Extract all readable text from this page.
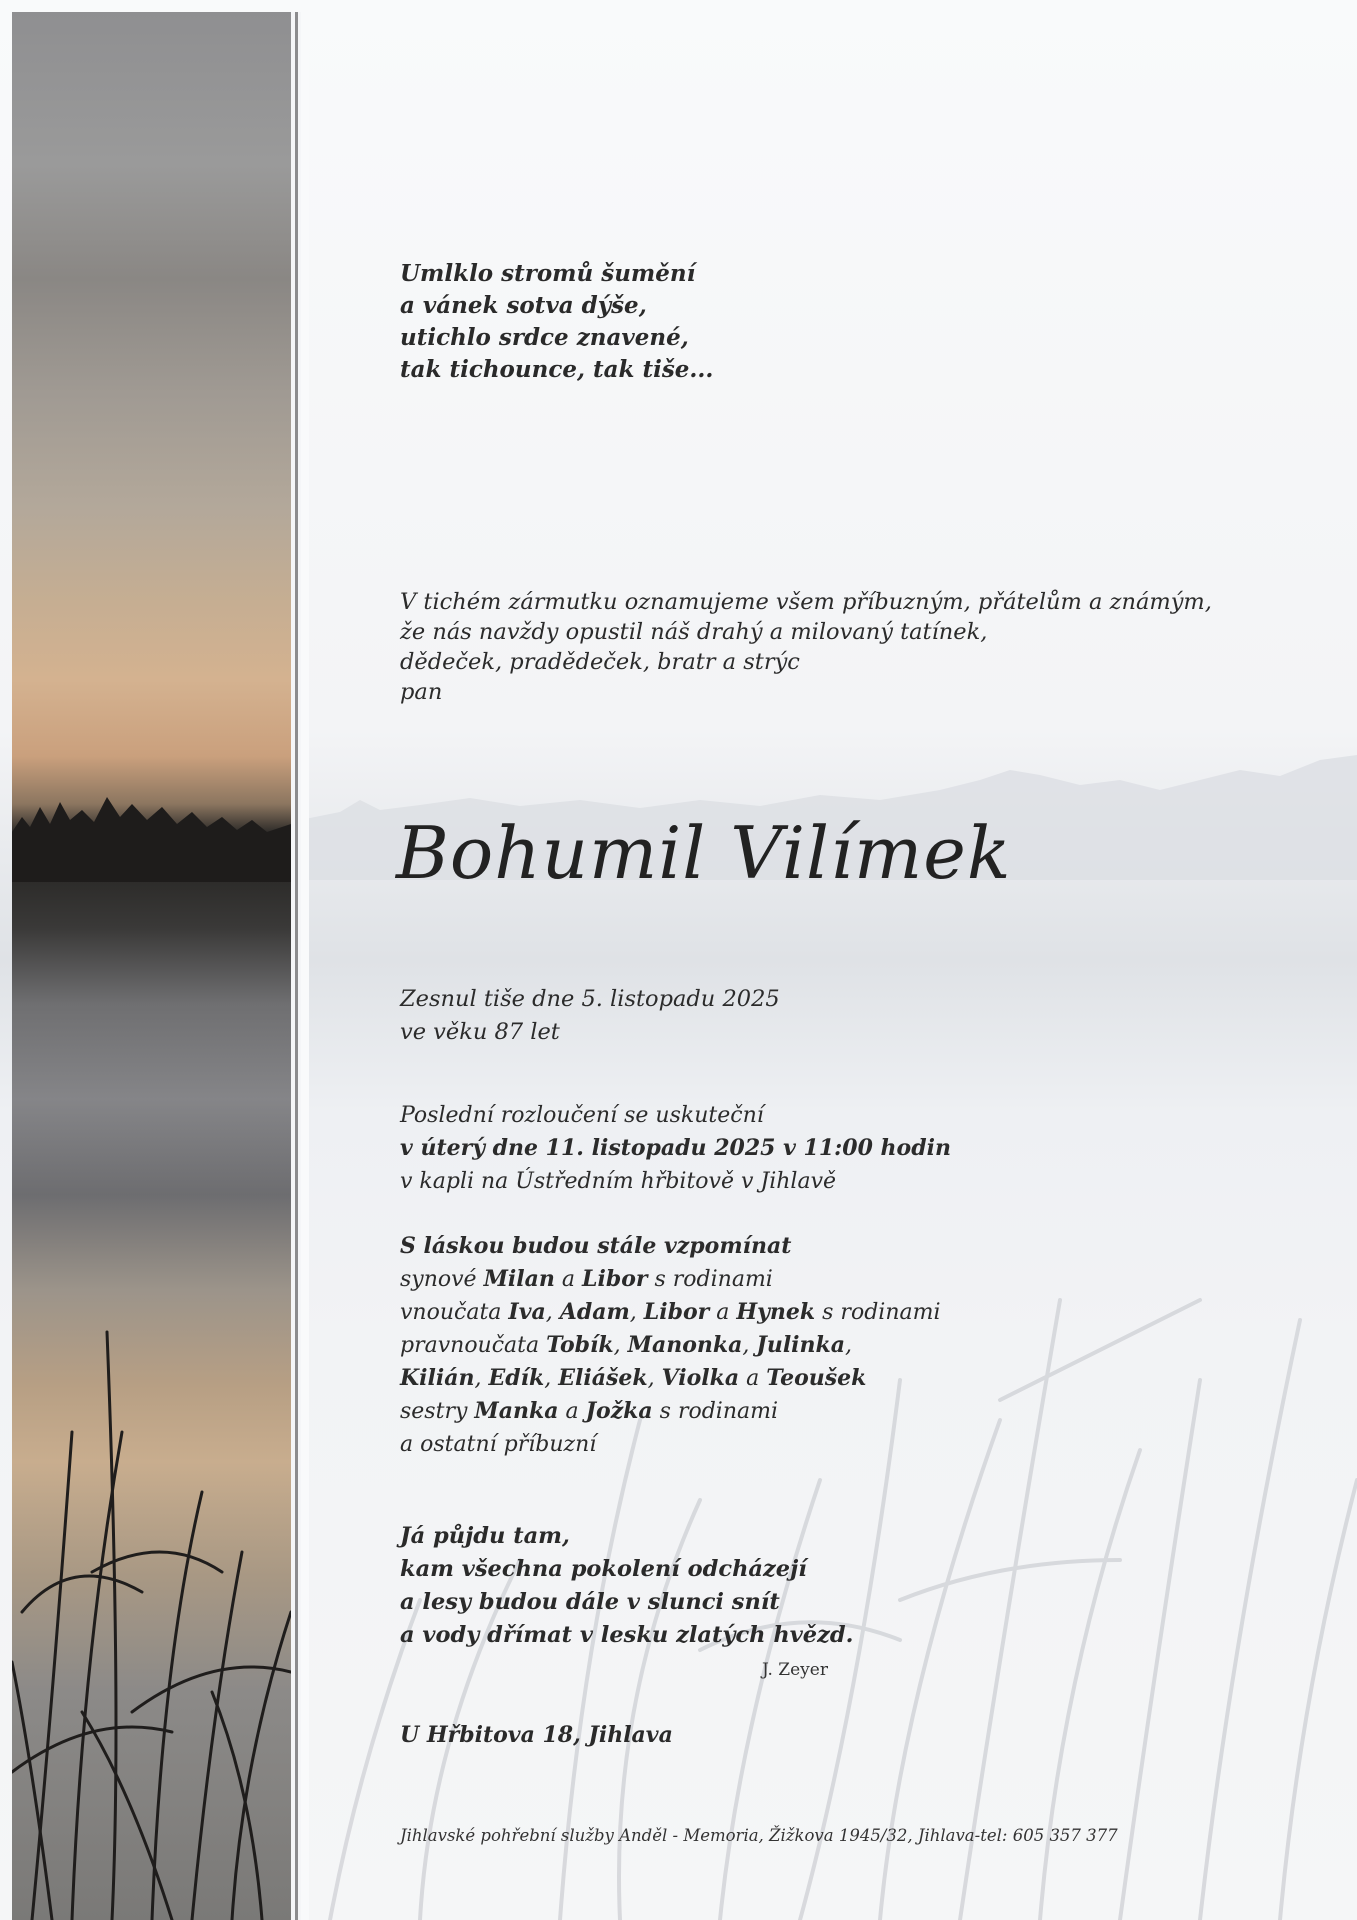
Umlklo stromů šumění
a vánek sotva dýše,
utichlo srdce znavené,
tak tichounce, tak tiše...
V tichém zármutku oznamujeme všem příbuzným, přátelům a známým,
že nás navždy opustil náš drahý a milovaný tatínek,
dědeček, pradědeček, bratr a strýc
pan
Bohumil Vilímek
Zesnul tiše dne 5. listopadu 2025
ve věku 87 let
Poslední rozloučení se uskuteční
v úterý dne 11. listopadu 2025 v 11:00 hodin
v kapli na Ústředním hřbitově v Jihlavě
S láskou budou stále vzpomínat
synové Milan a Libor s rodinami
vnoučata Iva, Adam, Libor a Hynek s rodinami
pravnoučata Tobík, Manonka, Julinka,
Kilián, Edík, Eliášek, Violka a Teoušek
sestry Manka a Jožka s rodinami
a ostatní příbuzní
Já půjdu tam,
kam všechna pokolení odcházejí
a lesy budou dále v slunci snít
a vody dřímat v lesku zlatých hvězd.
J. Zeyer
U Hřbitova 18, Jihlava
Jihlavské pohřební služby Anděl - Memoria, Žižkova 1945/32, Jihlava-tel: 605 357 377
